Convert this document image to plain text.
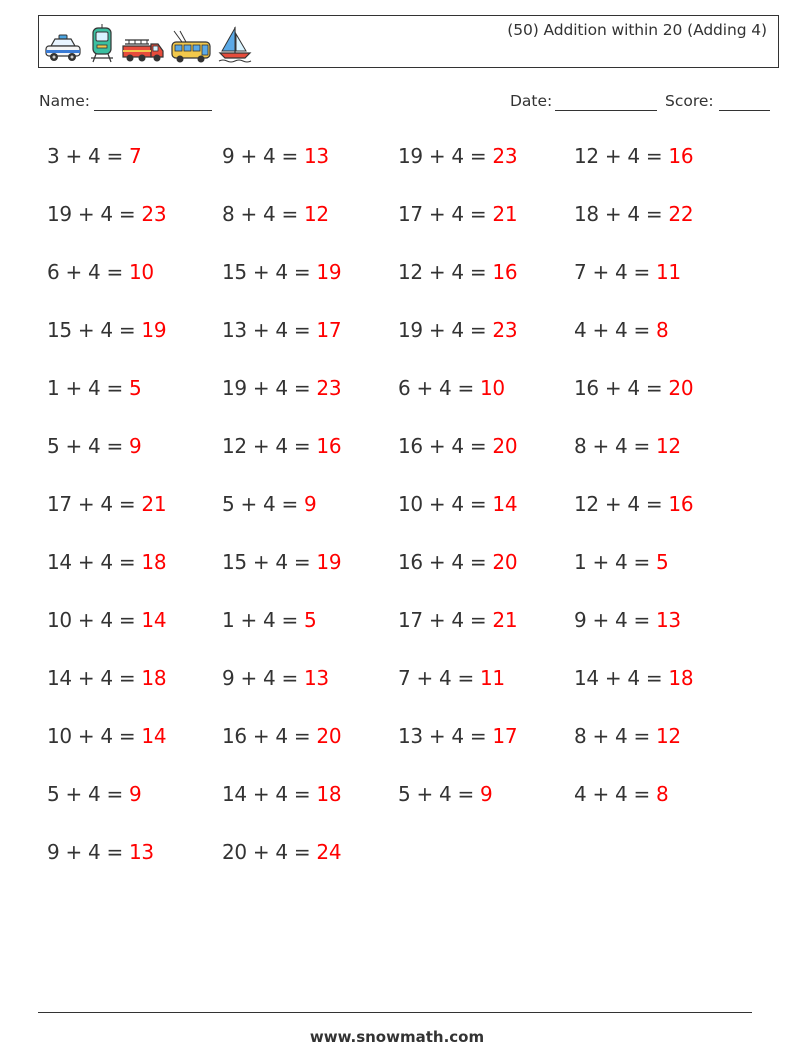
(50) Addition within 20 (Adding 4)
Name:	Date:	Score:
3 + 4 = 7	9 + 4 = 13	19 + 4 = 23	12 + 4 = 16
19 + 4 = 23	8 + 4 = 12	17 + 4 = 21	18 + 4 = 22
6 + 4 = 10	15 + 4 = 19	12 + 4 = 16	7 + 4 = 11
15 + 4 = 19	13 + 4 = 17	19 + 4 = 23	4 + 4 = 8
1 + 4 = 5	19 + 4 = 23	6 + 4 = 10	16 + 4 = 20
5 + 4 = 9	12 + 4 = 16	16 + 4 = 20	8 + 4 = 12
17 + 4 = 21	5 + 4 = 9	10 + 4 = 14	12 + 4 = 16
14 + 4 = 18	15 + 4 = 19	16 + 4 = 20	1 + 4 = 5
10 + 4 = 14	1 + 4 = 5	17 + 4 = 21	9 + 4 = 13
14 + 4 = 18	9 + 4 = 13	7 + 4 = 11	14 + 4 = 18
10 + 4 = 14	16 + 4 = 20	13 + 4 = 17	8 + 4 = 12
5 + 4 = 9	14 + 4 = 18	5 + 4 = 9	4 + 4 = 8
9 + 4 = 13	20 + 4 = 24
www.snowmath.com
